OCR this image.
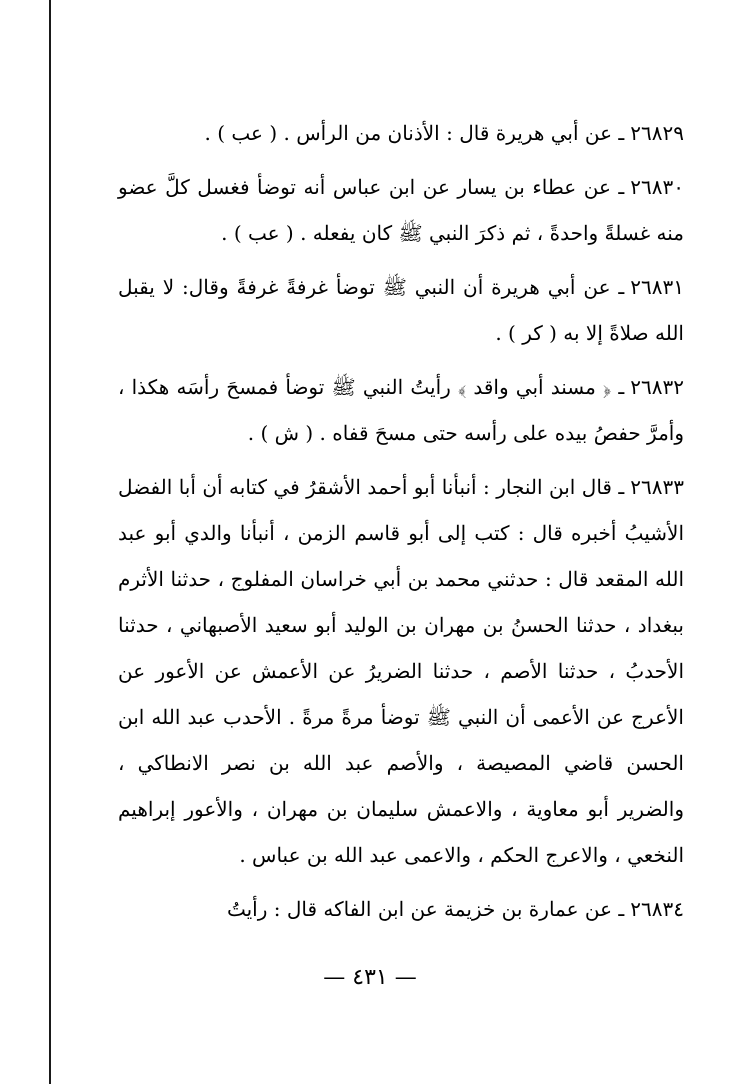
٢٦٨٢٩ـ عن أبي هريرة قال : الأذنان من الرأس . ( عب ) .

٢٦٨٣٠ـ عن عطاء بن يسار عن ابن عباس أنه توضأ فغسل كلَّ عضو منه غسلةً واحدةً ، ثم ذكرَ النبي ﷺ كان يفعله . ( عب ) .

٢٦٨٣١ـ عن أبي هريرة أن النبي ﷺ توضأ غرفةً غرفةً وقال: لا يقبل الله صلاةً إلا به ( كر ) .

٢٦٨٣٢ـ ﴿ مسند أبي واقد ﴾ رأيتُ النبي ﷺ توضأ فمسحَ رأسَه هكذا ، وأمرَّ حفصُ بيده على رأسه حتى مسحَ قفاه . ( ش ) .

٢٦٨٣٣ـ قال ابن النجار : أنبأنا أبو أحمد الأشقرُ في كتابه أن أبا الفضل الأشيبُ أخبره قال : كتب إلى أبو قاسم الزمن ، أنبأنا والدي أبو عبد الله المقعد قال : حدثني محمد بن أبي خراسان المفلوج ، حدثنا الأثرم ببغداد ، حدثنا الحسنُ بن مهران بن الوليد أبو سعيد الأصبهاني ، حدثنا الأحدبُ ، حدثنا الأصم ، حدثنا الضريرُ عن الأعمش عن الأعور عن الأعرج عن الأعمى أن النبي ﷺ توضأ مرةً مرةً . الأحدب عبد الله ابن الحسن قاضي المصيصة ، والأصم عبد الله بن نصر الانطاكي ، والضرير أبو معاوية ، والاعمش سليمان بن مهران ، والأعور إبراهيم النخعي ، والاعرج الحكم ، والاعمى عبد الله بن عباس .

٢٦٨٣٤ـ عن عمارة بن خزيمة عن ابن الفاكه قال : رأيتُ

— ٤٣١ —
